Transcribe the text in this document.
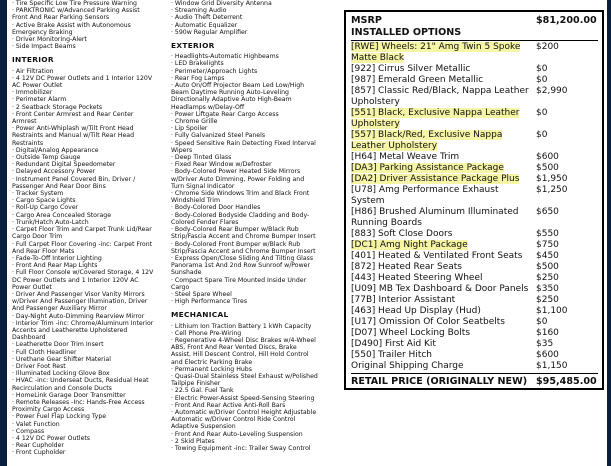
· Tire Specific Low Tire Pressure Warning
· PARKTRONIC w/Advanced Parking Assist
Front And Rear Parking Sensors
· Active Brake Assist with Autonomous
Emergency Braking
· Driver Monitoring-Alert
· Side Impact Beams
INTERIOR
· Air Filtration
· 4 12V DC Power Outlets and 1 Interior 120V
AC Power Outlet
· Immobilizer
· Perimeter Alarm
· 2 Seatback Storage Pockets
· Front Center Armrest and Rear Center
Armrest
· Power Anti-Whiplash w/Tilt Front Head
Restraints and Manual w/Tilt Rear Head
Restraints
· Digital/Analog Appearance
· Outside Temp Gauge
· Redundant Digital Speedometer
· Delayed Accessory Power
· Instrument Panel Covered Bin, Driver /
Passenger And Rear Door Bins
· Tracker System
· Cargo Space Lights
· Roll-Up Cargo Cover
· Cargo Area Concealed Storage
· Trunk/Hatch Auto-Latch
· Carpet Floor Trim and Carpet Trunk Lid/Rear
Cargo Door Trim
· Full Carpet Floor Covering -inc: Carpet Front
And Rear Floor Mats
· Fade-To-Off Interior Lighting
· Front And Rear Map Lights
· Full Floor Console w/Covered Storage, 4 12V
DC Power Outlets and 1 Interior 120V AC
Power Outlet
· Driver And Passenger Visor Vanity Mirrors
w/Driver And Passenger Illumination, Driver
And Passenger Auxiliary Mirror
· Day-Night Auto-Dimming Rearview Mirror
· Interior Trim -inc: Chrome/Aluminum Interior
Accents and Leatherette Upholstered
Dashboard
· Leatherette Door Trim Insert
· Full Cloth Headliner
· Urethane Gear Shifter Material
· Driver Foot Rest
· Illuminated Locking Glove Box
· HVAC -inc: Underseat Ducts, Residual Heat
Recirculation and Console Ducts
· HomeLink Garage Door Transmitter
· Remote Releases -Inc: Hands-Free Access
Proximity Cargo Access
· Power Fuel Flap Locking Type
· Valet Function
· Compass
· 4 12V DC Power Outlets
· Rear Cupholder
· Front Cupholder
· Window Grid Diversity Antenna
· Streaming Audio
· Audio Theft Deterrent
· Automatic Equalizer
· 590w Regular Amplifier
EXTERIOR
· Headlights-Automatic Highbeams
· LED Brakelights
· Perimeter/Approach Lights
· Rear Fog Lamps
· Auto On/Off Projector Beam Led Low/High
Beam Daytime Running Auto-Leveling
Directionally Adaptive Auto High-Beam
Headlamps w/Delay-Off
· Power Liftgate Rear Cargo Access
· Chrome Grille
· Lip Spoiler
· Fully Galvanized Steel Panels
· Speed Sensitive Rain Detecting Fixed Interval
Wipers
· Deep Tinted Glass
· Fixed Rear Window w/Defroster
· Body-Colored Power Heated Side Mirrors
w/Driver Auto Dimming, Power Folding and
Turn Signal Indicator
· Chrome Side Windows Trim and Black Front
Windshield Trim
· Body-Colored Door Handles
· Body-Colored Bodyside Cladding and Body-
Colored Fender Flares
· Body-Colored Rear Bumper w/Black Rub
Strip/Fascia Accent and Chrome Bumper Insert
· Body-Colored Front Bumper w/Black Rub
Strip/Fascia Accent and Chrome Bumper Insert
· Express Open/Close Sliding And Tilting Glass
Panorama 1st And 2nd Row Sunroof w/Power
Sunshade
· Compact Spare Tire Mounted Inside Under
Cargo
· Steel Spare Wheel
· High Performance Tires
MECHANICAL
· Lithium Ion Traction Battery 1 kWh Capacity
· Cell Phone Pre-Wiring
· Regenerative 4-Wheel Disc Brakes w/4-Wheel
ABS, Front And Rear Vented Discs, Brake
Assist, Hill Descent Control, Hill Hold Control
and Electric Parking Brake
· Permanent Locking Hubs
· Quasi-Dual Stainless Steel Exhaust w/Polished
Tailpipe Finisher
· 22.5 Gal. Fuel Tank
· Electric Power-Assist Speed-Sensing Steering
· Front And Rear Active Anti-Roll Bars
· Automatic w/Driver Control Height Adjustable
Automatic w/Driver Control Ride Control
Adaptive Suspension
· Front And Rear Auto-Leveling Suspension
· 2 Skid Plates
· Towing Equipment -inc: Trailer Sway Control
MSRP	$81,200.00
INSTALLED OPTIONS
[RWE] Wheels: 21" Amg Twin 5 Spoke Matte Black
$200
[922] Cirrus Silver Metallic	$0
[987] Emerald Green Metallic	$0
[857] Classic Red/Black, Nappa Leather Upholstery
$2,990
[551] Black, Exclusive Nappa Leather Upholstery
$0
[557] Black/Red, Exclusive Nappa Leather Upholstery
$0
[H64] Metal Weave Trim	$600
[DA3] Parking Assistance Package	$500
[DA2] Driver Assistance Package Plus	$1,950
[U78] Amg Performance Exhaust System
$1,250
[H86] Brushed Aluminum Illuminated Running Boards
$650
[883] Soft Close Doors	$550
[DC1] Amg Night Package	$750
[401] Heated & Ventilated Front Seats	$450
[872] Heated Rear Seats	$500
[443] Heated Steering Wheel	$250
[U09] MB Tex Dashboard & Door Panels $350
[77B] Interior Assistant	$250
[463] Head Up Display (Hud)	$1,100
[U17] Omission Of Color Seatbelts	$0
[D07] Wheel Locking Bolts	$160
[D490] First Aid Kit	$35
[550] Trailer Hitch	$600
Original Shipping Charge	$1,150
RETAIL PRICE (ORIGINALLY NEW) $95,485.00
